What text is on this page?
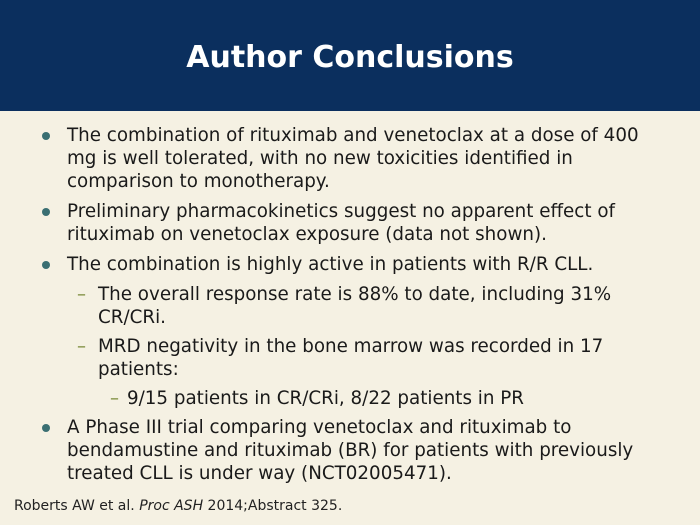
Author Conclusions
The combination of rituximab and venetoclax at a dose of 400 mg is well tolerated, with no new toxicities identified in comparison to monotherapy.
Preliminary pharmacokinetics suggest no apparent effect of rituximab on venetoclax exposure (data not shown).
The combination is highly active in patients with R/R CLL.
– The overall response rate is 88% to date, including 31% CR/CRi.
– MRD negativity in the bone marrow was recorded in 17 patients:
– 9/15 patients in CR/CRi, 8/22 patients in PR
A Phase III trial comparing venetoclax and rituximab to bendamustine and rituximab (BR) for patients with previously treated CLL is under way (NCT02005471).
Roberts AW et al. Proc ASH 2014;Abstract 325.
